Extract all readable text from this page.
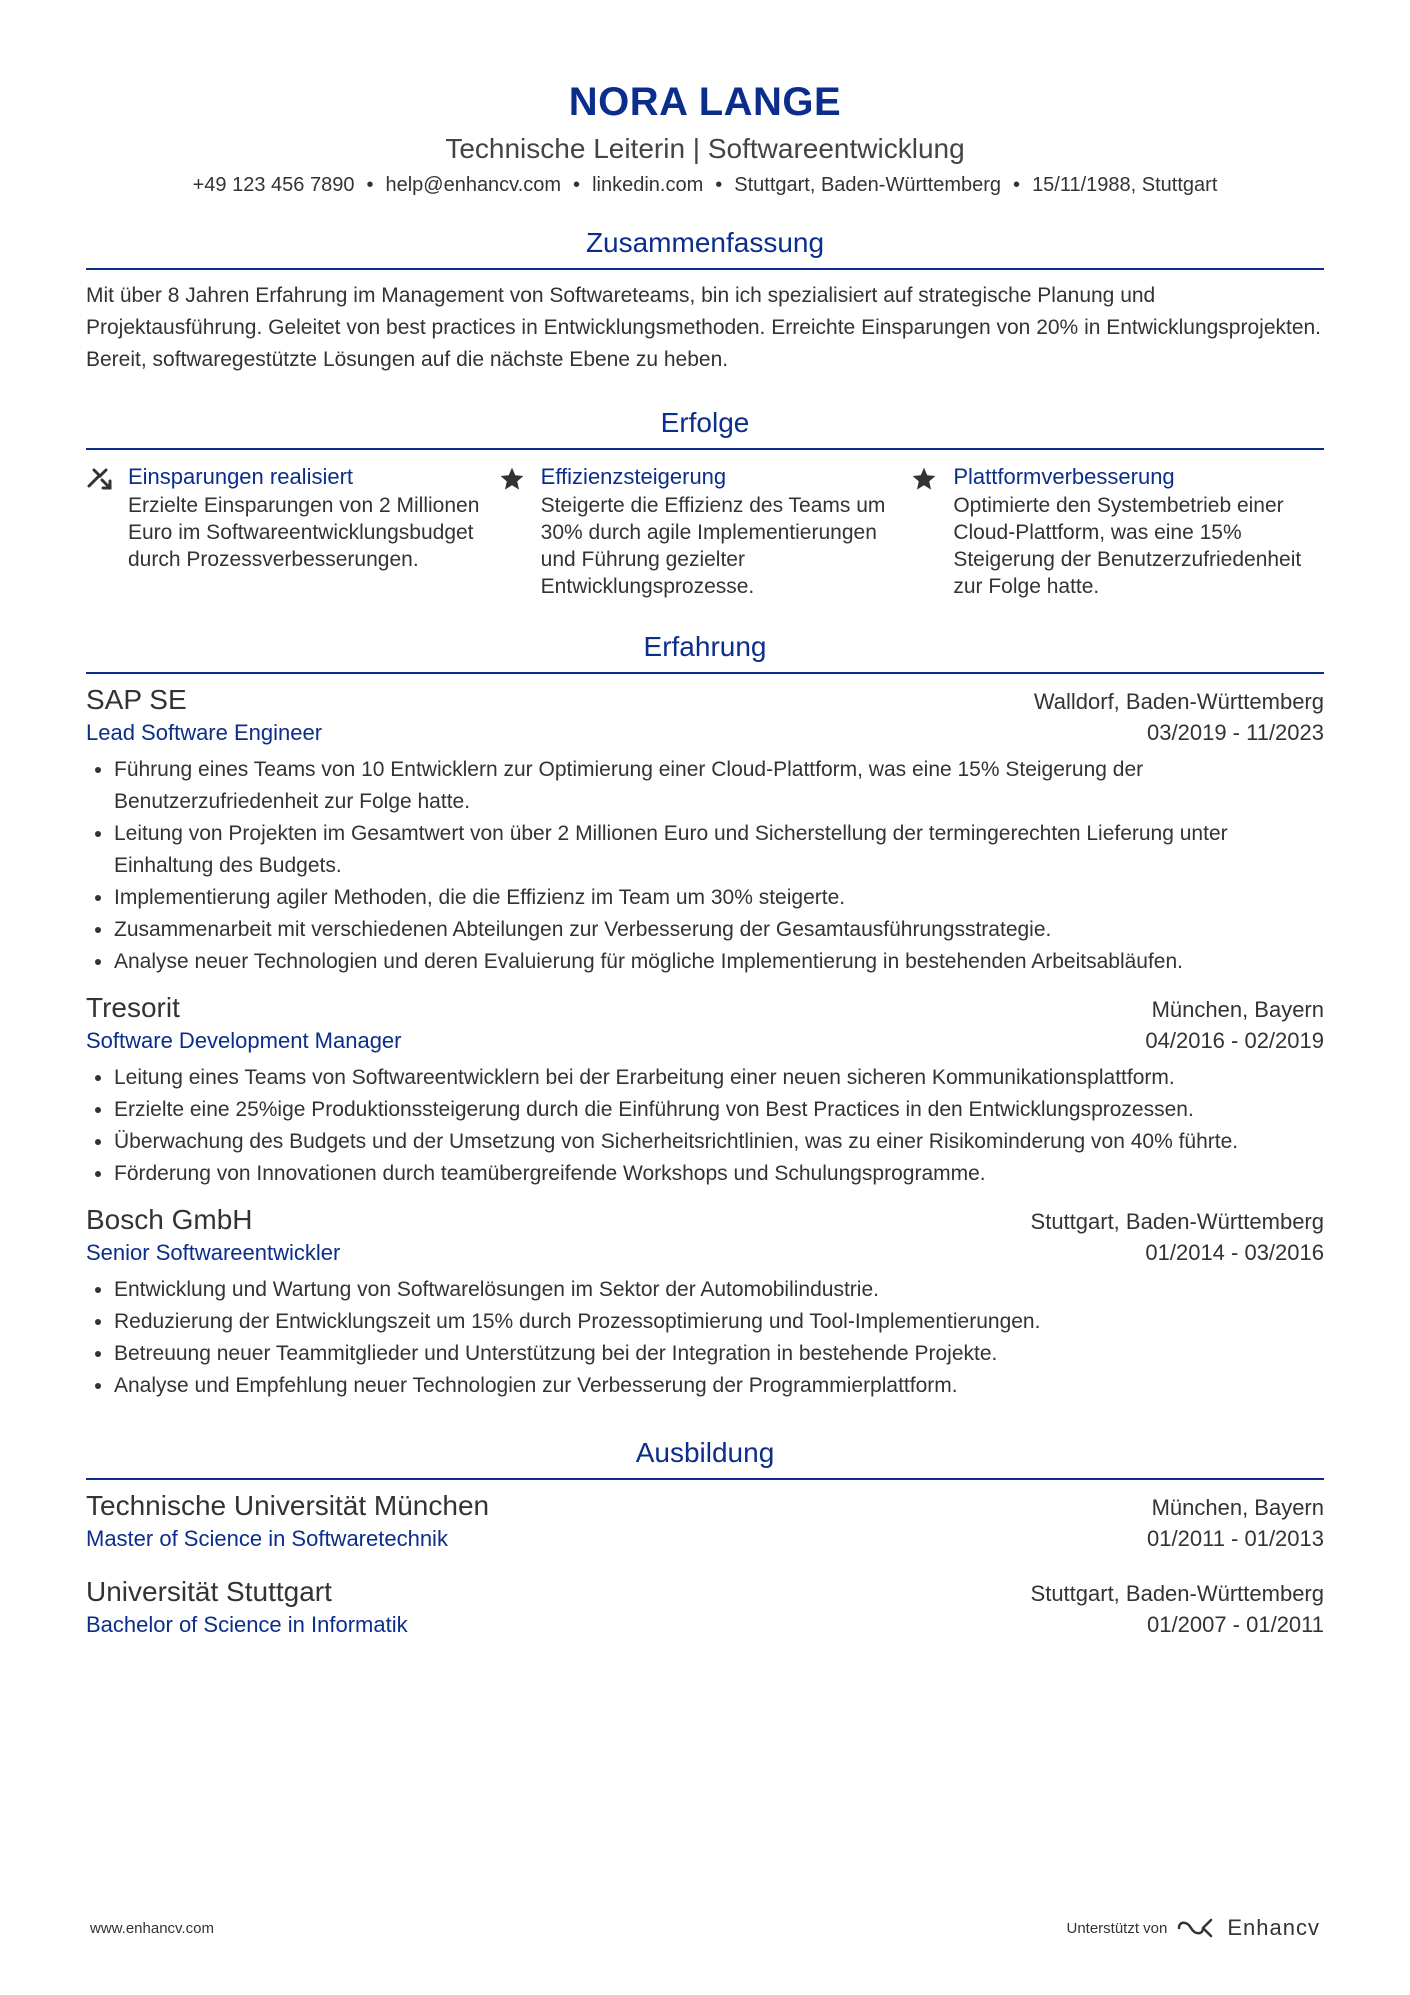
NORA LANGE
Technische Leiterin | Softwareentwicklung
+49 123 456 7890 • help@enhancv.com • linkedin.com • Stuttgart, Baden-Württemberg • 15/11/1988, Stuttgart
Zusammenfassung
Mit über 8 Jahren Erfahrung im Management von Softwareteams, bin ich spezialisiert auf strategische Planung und Projektausführung. Geleitet von best practices in Entwicklungsmethoden. Erreichte Einsparungen von 20% in Entwicklungsprojekten. Bereit, softwaregestützte Lösungen auf die nächste Ebene zu heben.
Erfolge
Einsparungen realisiert
Erzielte Einsparungen von 2 Millionen Euro im Softwareentwicklungsbudget durch Prozessverbesserungen.
Effizienzsteigerung
Steigerte die Effizienz des Teams um 30% durch agile Implementierungen und Führung gezielter Entwicklungsprozesse.
Plattformverbesserung
Optimierte den Systembetrieb einer Cloud-Plattform, was eine 15% Steigerung der Benutzerzufriedenheit zur Folge hatte.
Erfahrung
SAP SE	Walldorf, Baden-Württemberg
Lead Software Engineer	03/2019 - 11/2023
• Führung eines Teams von 10 Entwicklern zur Optimierung einer Cloud-Plattform, was eine 15% Steigerung der Benutzerzufriedenheit zur Folge hatte.
• Leitung von Projekten im Gesamtwert von über 2 Millionen Euro und Sicherstellung der termingerechten Lieferung unter Einhaltung des Budgets.
• Implementierung agiler Methoden, die die Effizienz im Team um 30% steigerte.
• Zusammenarbeit mit verschiedenen Abteilungen zur Verbesserung der Gesamtausführungsstrategie.
• Analyse neuer Technologien und deren Evaluierung für mögliche Implementierung in bestehenden Arbeitsabläufen.
Tresorit	München, Bayern
Software Development Manager	04/2016 - 02/2019
• Leitung eines Teams von Softwareentwicklern bei der Erarbeitung einer neuen sicheren Kommunikationsplattform.
• Erzielte eine 25%ige Produktionssteigerung durch die Einführung von Best Practices in den Entwicklungsprozessen.
• Überwachung des Budgets und der Umsetzung von Sicherheitsrichtlinien, was zu einer Risikominderung von 40% führte.
• Förderung von Innovationen durch teamübergreifende Workshops und Schulungsprogramme.
Bosch GmbH	Stuttgart, Baden-Württemberg
Senior Softwareentwickler	01/2014 - 03/2016
• Entwicklung und Wartung von Softwarelösungen im Sektor der Automobilindustrie.
• Reduzierung der Entwicklungszeit um 15% durch Prozessoptimierung und Tool-Implementierungen.
• Betreuung neuer Teammitglieder und Unterstützung bei der Integration in bestehende Projekte.
• Analyse und Empfehlung neuer Technologien zur Verbesserung der Programmierplattform.
Ausbildung
Technische Universität München	München, Bayern
Master of Science in Softwaretechnik	01/2011 - 01/2013
Universität Stuttgart	Stuttgart, Baden-Württemberg
Bachelor of Science in Informatik	01/2007 - 01/2011
www.enhancv.com	Unterstützt von	Enhancv
